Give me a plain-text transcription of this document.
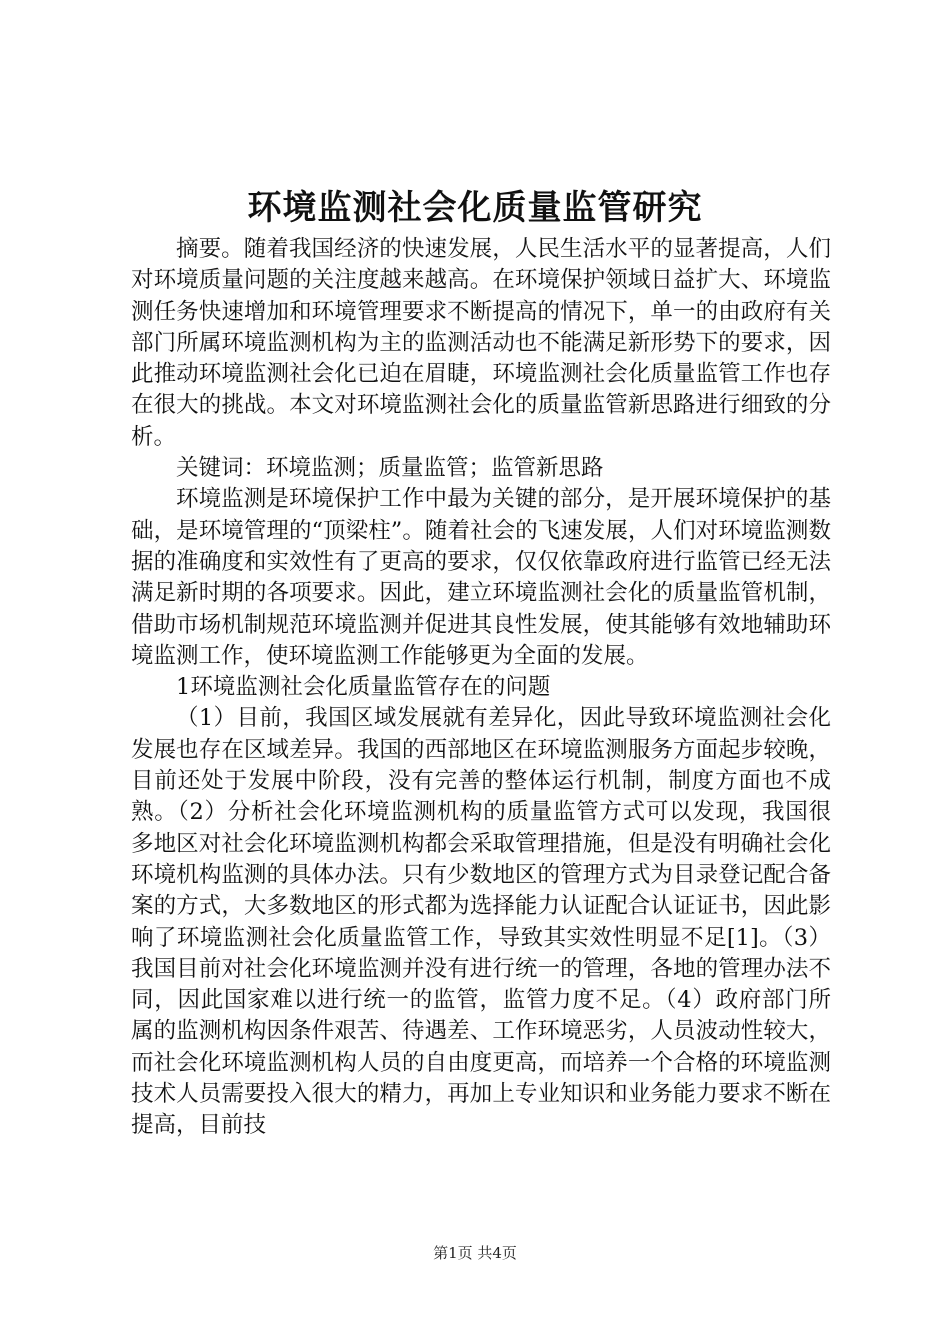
环境监测社会化质量监管研究

摘要。随着我国经济的快速发展，人民生活水平的显著提高，人们对环境质量问题的关注度越来越高。在环境保护领域日益扩大、环境监测任务快速增加和环境管理要求不断提高的情况下，单一的由政府有关部门所属环境监测机构为主的监测活动也不能满足新形势下的要求，因此推动环境监测社会化已迫在眉睫，环境监测社会化质量监管工作也存在很大的挑战。本文对环境监测社会化的质量监管新思路进行细致的分析。

关键词：环境监测；质量监管；监管新思路

环境监测是环境保护工作中最为关键的部分，是开展环境保护的基础，是环境管理的“顶梁柱”。随着社会的飞速发展，人们对环境监测数据的准确度和实效性有了更高的要求，仅仅依靠政府进行监管已经无法满足新时期的各项要求。因此，建立环境监测社会化的质量监管机制，借助市场机制规范环境监测并促进其良性发展，使其能够有效地辅助环境监测工作，使环境监测工作能够更为全面的发展。

1环境监测社会化质量监管存在的问题

（1）目前，我国区域发展就有差异化，因此导致环境监测社会化发展也存在区域差异。我国的西部地区在环境监测服务方面起步较晚，目前还处于发展中阶段，没有完善的整体运行机制，制度方面也不成熟。（2）分析社会化环境监测机构的质量监管方式可以发现，我国很多地区对社会化环境监测机构都会采取管理措施，但是没有明确社会化环境机构监测的具体办法。只有少数地区的管理方式为目录登记配合备案的方式，大多数地区的形式都为选择能力认证配合认证证书，因此影响了环境监测社会化质量监管工作，导致其实效性明显不足[1]。（3）我国目前对社会化环境监测并没有进行统一的管理，各地的管理办法不同，因此国家难以进行统一的监管，监管力度不足。（4）政府部门所属的监测机构因条件艰苦、待遇差、工作环境恶劣，人员波动性较大，而社会化环境监测机构人员的自由度更高，而培养一个合格的环境监测技术人员需要投入很大的精力，再加上专业知识和业务能力要求不断在提高，目前技

第1页 共4页
